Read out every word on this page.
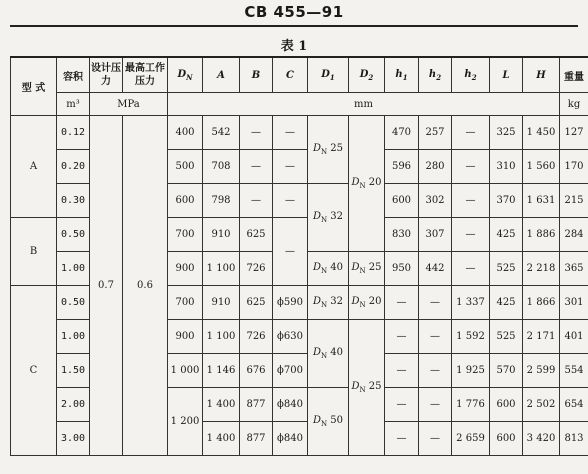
CB 455—91
表 1
型 式	容积	设计压力	最高工作压力	$D_N$	A	B	C	$D_1$	$D_2$	$h_1$	$h_2$	$h_2$	L	H	重量
	m³	MPa		mm											kg
A	0.12	0.7	0.6	400	542	—	—	$D_N$ 25	$D_N$ 20	470	257	—	325	1 450	127
	0.20			500	708	—	—			596	280	—	310	1 560	170
	0.30			600	798	—	—	$D_N$ 32		600	302	—	370	1 631	215
B	0.50			700	910	625	—			830	307	—	425	1 886	284
	1.00			900	1 100	726		$D_N$ 40	$D_N$ 25	950	442	—	525	2 218	365
C	0.50			700	910	625	ϕ590	$D_N$ 32	$D_N$ 20	—	—	1 337	425	1 866	301
	1.00			900	1 100	726	ϕ630	$D_N$ 40	$D_N$ 25	—	—	1 592	525	2 171	401
	1.50			1 000	1 146	676	ϕ700			—	—	1 925	570	2 599	554
	2.00			1 200	1 400	877	ϕ840	$D_N$ 50		—	—	1 776	600	2 502	654
	3.00				1 400	877	ϕ840			—	—	2 659	600	3 420	813
